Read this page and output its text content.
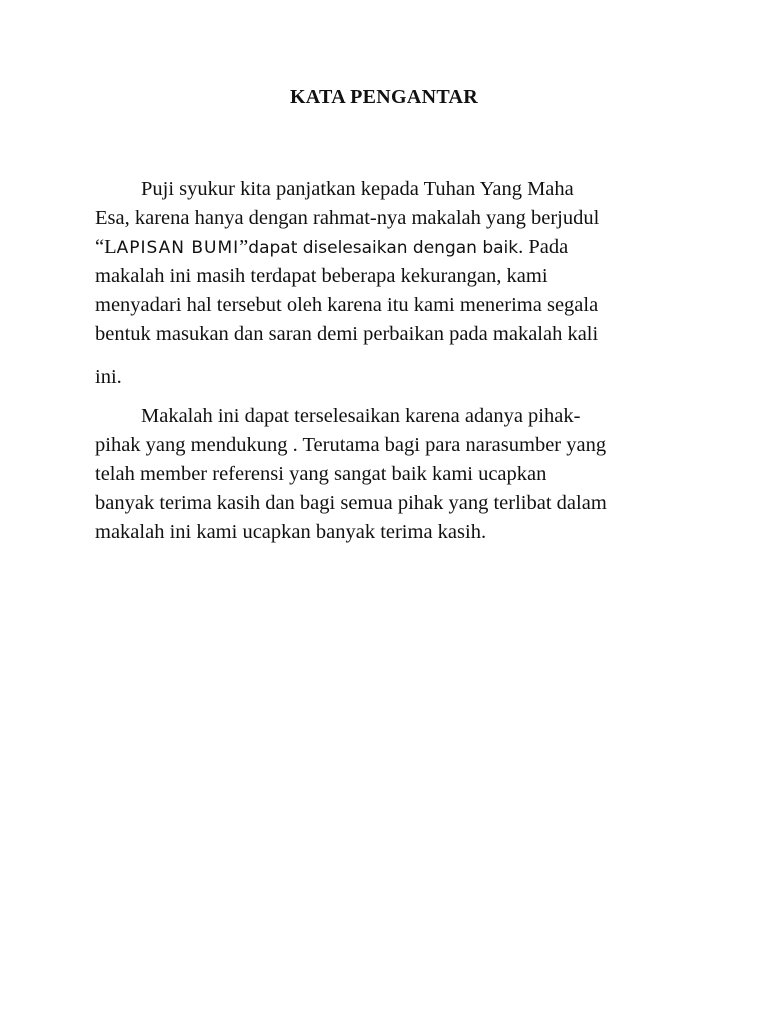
KATA PENGANTAR

Puji syukur kita panjatkan kepada Tuhan Yang Maha

Esa, karena hanya dengan rahmat-nya makalah yang berjudul

“LAPISAN BUMI”dapat diselesaikan dengan baik. Pada

makalah ini masih terdapat beberapa kekurangan, kami

menyadari hal tersebut oleh karena itu kami menerima segala

bentuk masukan dan saran demi perbaikan pada makalah kali

ini.

Makalah ini dapat terselesaikan karena adanya pihak-

pihak yang mendukung . Terutama bagi para narasumber yang

telah member referensi yang sangat baik kami ucapkan

banyak terima kasih dan bagi semua pihak yang terlibat dalam

makalah ini kami ucapkan banyak terima kasih.
